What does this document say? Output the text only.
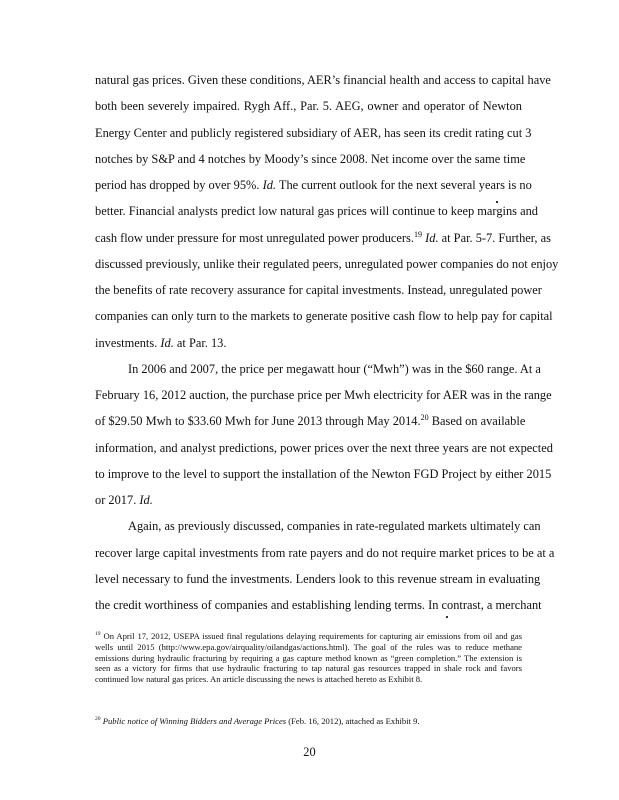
natural gas prices. Given these conditions, AER’s financial health and access to capital have
both been severely impaired. Rygh Aff., Par. 5. AEG, owner and operator of Newton
Energy Center and publicly registered subsidiary of AER, has seen its credit rating cut 3
notches by S&P and 4 notches by Moody’s since 2008. Net income over the same time
period has dropped by over 95%. Id. The current outlook for the next several years is no
better. Financial analysts predict low natural gas prices will continue to keep margins and
cash flow under pressure for most unregulated power producers.$^{19}$ Id. at Par. 5-7. Further, as
discussed previously, unlike their regulated peers, unregulated power companies do not enjoy
the benefits of rate recovery assurance for capital investments. Instead, unregulated power
companies can only turn to the markets to generate positive cash flow to help pay for capital
investments. Id. at Par. 13.
In 2006 and 2007, the price per megawatt hour (“Mwh”) was in the $60 range. At a
February 16, 2012 auction, the purchase price per Mwh electricity for AER was in the range
of $29.50 Mwh to $33.60 Mwh for June 2013 through May 2014.20 Based on available
information, and analyst predictions, power prices over the next three years are not expected
to improve to the level to support the installation of the Newton FGD Project by either 2015
or 2017. Id.
Again, as previously discussed, companies in rate-regulated markets ultimately can
recover large capital investments from rate payers and do not require market prices to be at a
level necessary to fund the investments. Lenders look to this revenue stream in evaluating
the credit worthiness of companies and establishing lending terms. In contrast, a merchant
$^{19}$ On April 17, 2012, USEPA issued final regulations delaying requirements for capturing air emissions from oil and gas wells until 2015 (http://www.epa.gov/airquality/oilandgas/actions.html). The goal of the rules was to reduce methane emissions during hydraulic fracturing by requiring a gas capture method known as “green completion.” The extension is seen as a victory for firms that use hydraulic fracturing to tap natural gas resources trapped in shale rock and favors continued low natural gas prices. An article discussing the news is attached hereto as Exhibit 8.
$^{20}$ Public notice of Winning Bidders and Average Prices (Feb. 16, 2012), attached as Exhibit 9.
20
